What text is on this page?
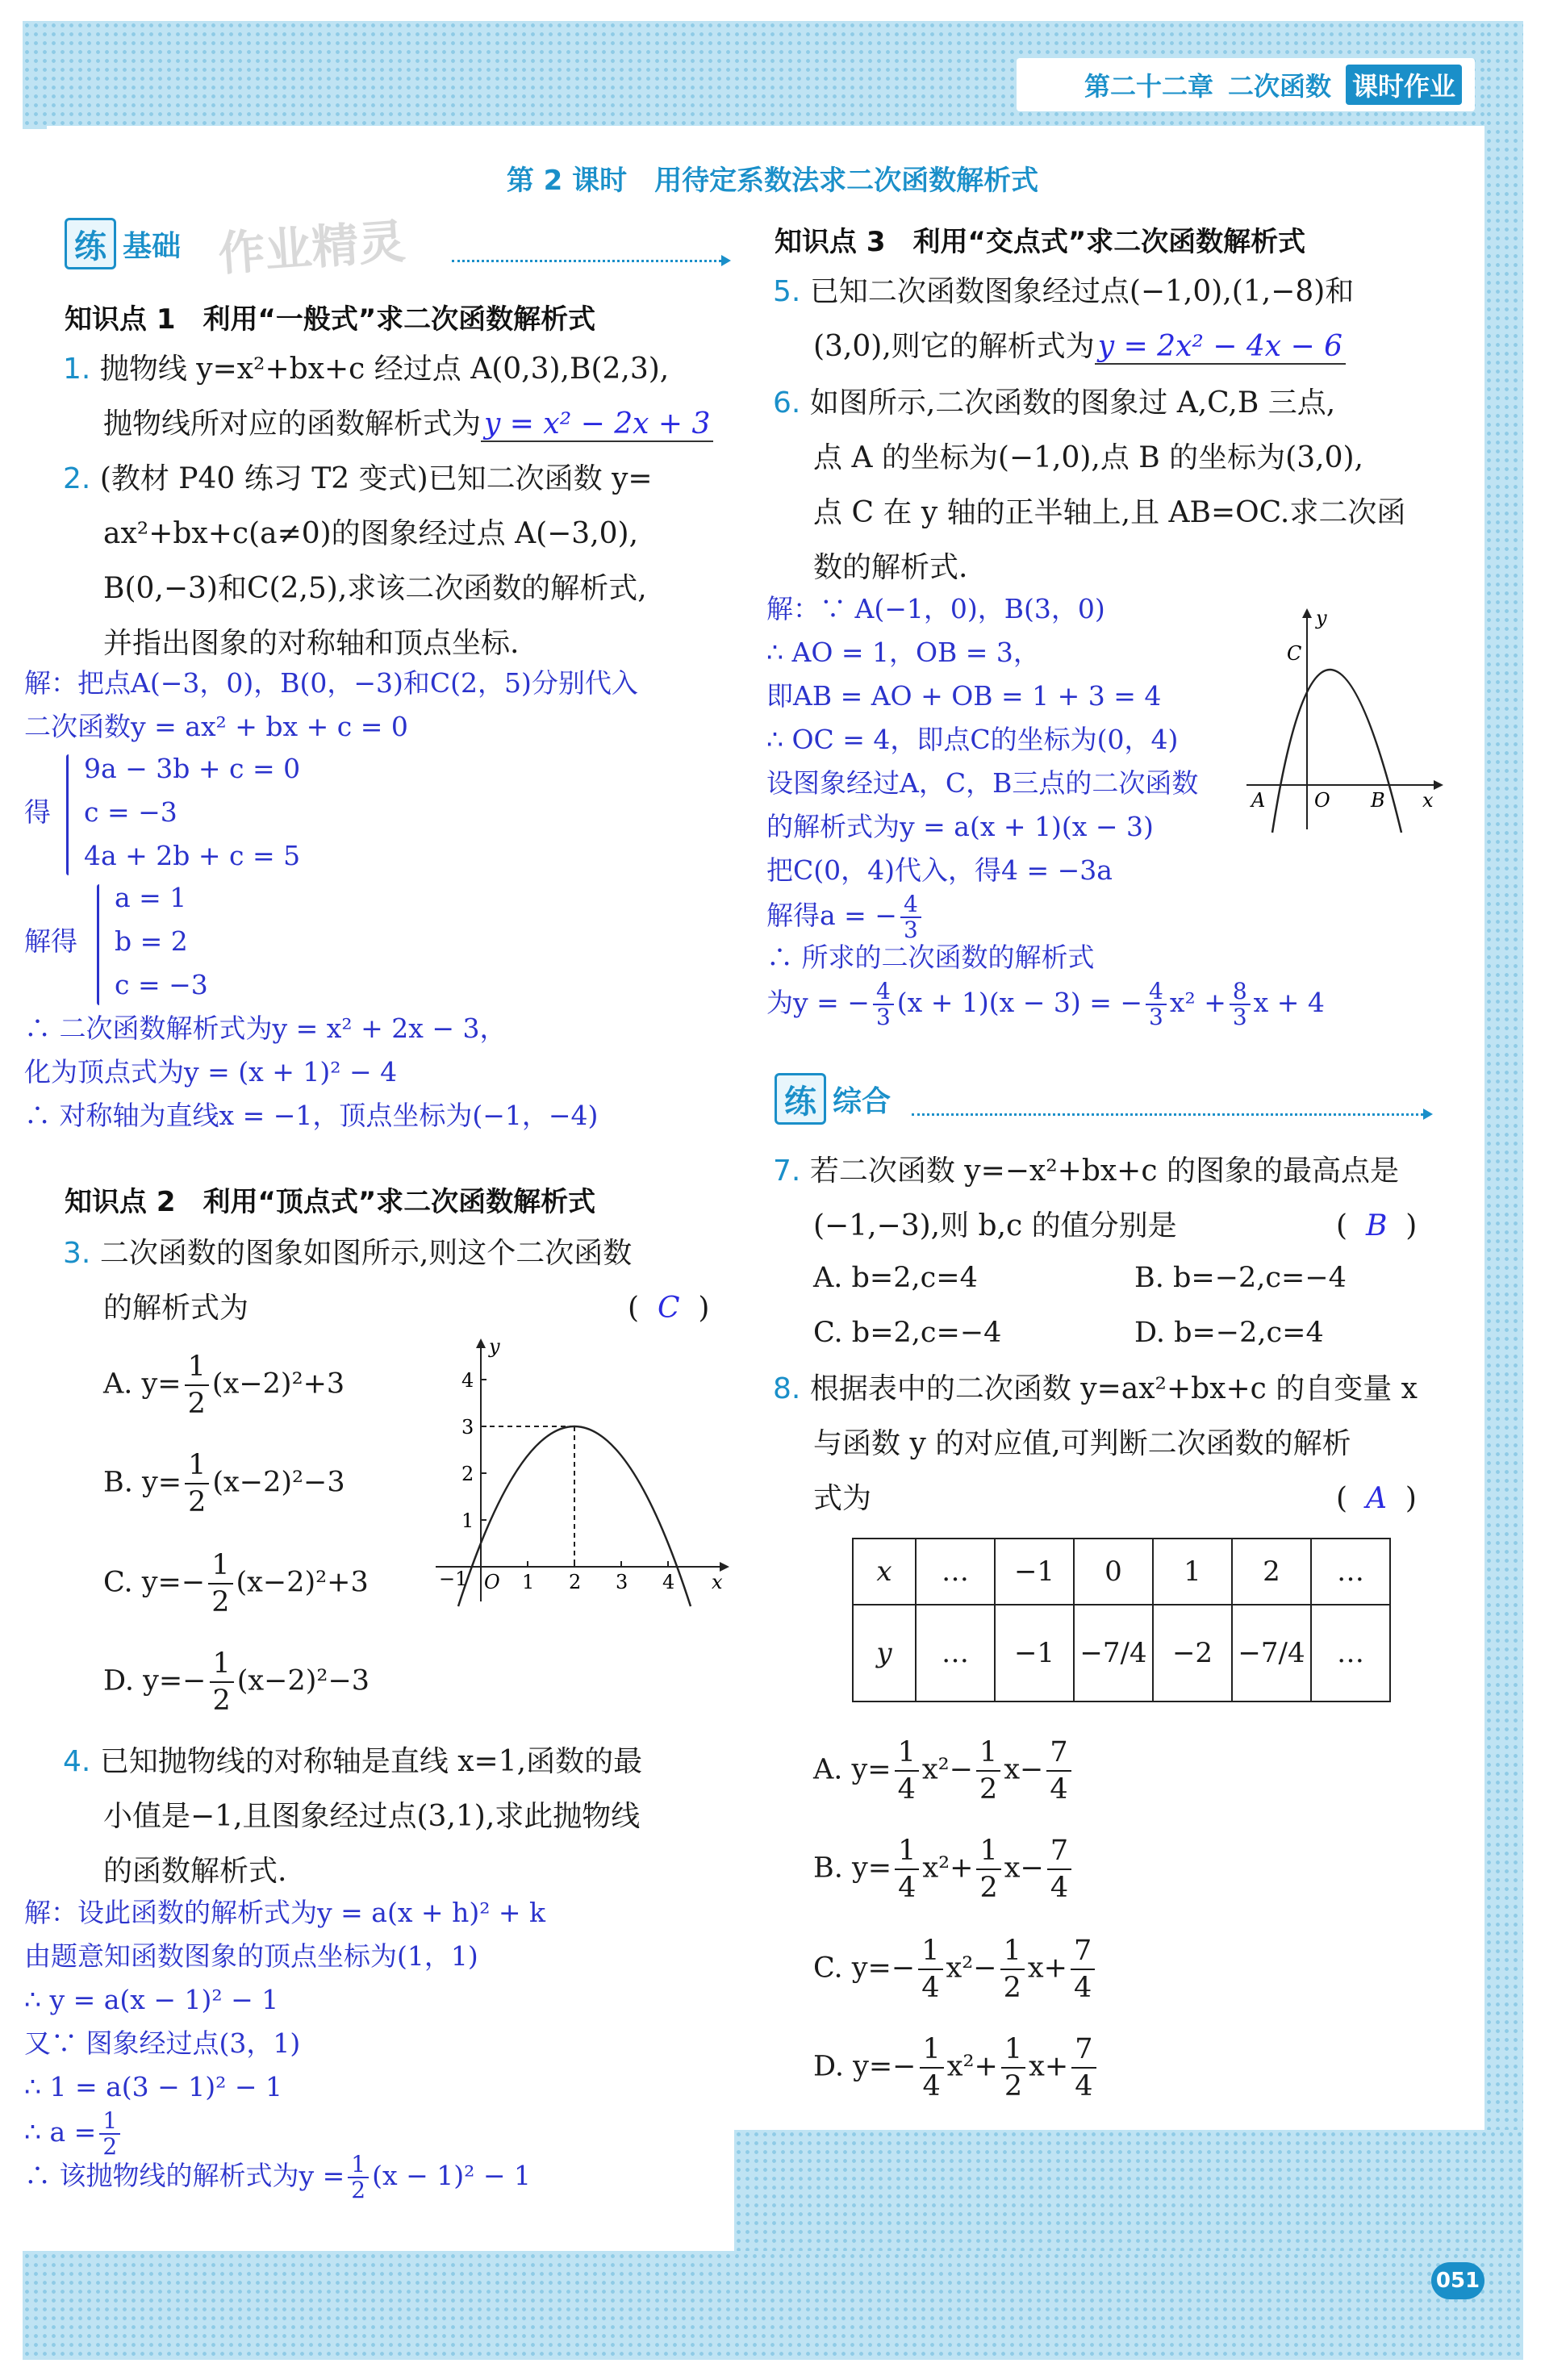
第二十二章 二次函数 课时作业
第 2 课时　用待定系数法求二次函数解析式
作业精灵
练 基础
知识点 1　利用“一般式”求二次函数解析式
1. 抛物线 y=x²+bx+c 经过点 A(0,3),B(2,3),
抛物线所对应的函数解析式为 y = x² − 2x + 3
2. (教材 P40 练习 T2 变式)已知二次函数 y=
ax²+bx+c(a≠0)的图象经过点 A(−3,0),
B(0,−3)和C(2,5),求该二次函数的解析式,
并指出图象的对称轴和顶点坐标.
解：把点A(−3，0)，B(0，−3)和C(2，5)分别代入
二次函数y = ax² + bx + c = 0
得
9a − 3b + c = 0
c = −3
4a + 2b + c = 5
解得
a = 1
b = 2
c = −3
∴ 二次函数解析式为y = x² + 2x − 3，
化为顶点式为y = (x + 1)² − 4
∴ 对称轴为直线x = −1，顶点坐标为(−1，−4)
知识点 2　利用“顶点式”求二次函数解析式
3. 二次函数的图象如图所示,则这个二次函数
的解析式为	( C )
A. $y= \frac{1}{2} (x-2)^2+3$
B. $y= \frac{1}{2} (x-2)^2-3$
C. $y=- \frac{1}{2} (x-2)^2+3$
D. $y=- \frac{1}{2} (x-2)^2-3$
−1 O 1 2 3 4
1
2
3
4
x
y
4. 已知抛物线的对称轴是直线 x=1,函数的最
小值是−1,且图象经过点(3,1),求此抛物线
的函数解析式.
解：设此函数的解析式为y = a(x + h)² + k
由题意知函数图象的顶点坐标为(1，1)
∴ y = a(x − 1)² − 1
又∵ 图象经过点(3，1)
∴ 1 = a(3 − 1)² − 1
∴ $a = \frac{1}{2}$
∴ 该抛物线的解析式为$y = \frac{1}{2} (x - 1)^2 - 1$
知识点 3　利用“交点式”求二次函数解析式
5. 已知二次函数图象经过点(−1,0),(1,−8)和
(3,0),则它的解析式为 y = 2x² − 4x − 6
6. 如图所示,二次函数的图象过 A,C,B 三点,
点 A 的坐标为(−1,0),点 B 的坐标为(3,0),
点 C 在 y 轴的正半轴上,且 AB=OC.求二次函
数的解析式.
解：∵ A(−1，0)，B(3，0)
∴ AO = 1，OB = 3，
即AB = AO + OB = 1 + 3 = 4
∴ OC = 4，即点C的坐标为(0，4)
设图象经过A，C，B三点的二次函数
的解析式为y = a(x + 1)(x − 3)
把C(0，4)代入，得4 = −3a
解得a = − $\frac{4}{3}$
∴ 所求的二次函数的解析式
为y = − $\frac{4}{3} (x + 1)(x - 3)$ = − $\frac{4}{3} x^2 + \frac{8}{3}$ x + 4
y
C
A	O B x
练 综合
7. 若二次函数 y=−x²+bx+c 的图象的最高点是
(−1,−3),则 b,c 的值分别是	( B )
A. b=2,c=4	B. b=−2,c=−4
C. b=2,c=−4	D. b=−2,c=4
8. 根据表中的二次函数 y=ax²+bx+c 的自变量 x
与函数 y 的对应值,可判断二次函数的解析
式为	( A )
x	…	−1	0	1	2	…
y	…	−1	−7/4	−2	−7/4	…
A. $y= \frac{1}{4} x^2- \frac{1}{2} x- \frac{7}{4}$
B. $y= \frac{1}{4} x^2+ \frac{1}{2} x- \frac{7}{4}$
C. $y=- \frac{1}{4} x^2- \frac{1}{2} x+ \frac{7}{4}$
D. $y=- \frac{1}{4} x^2+ \frac{1}{2} x+ \frac{7}{4}$
051
